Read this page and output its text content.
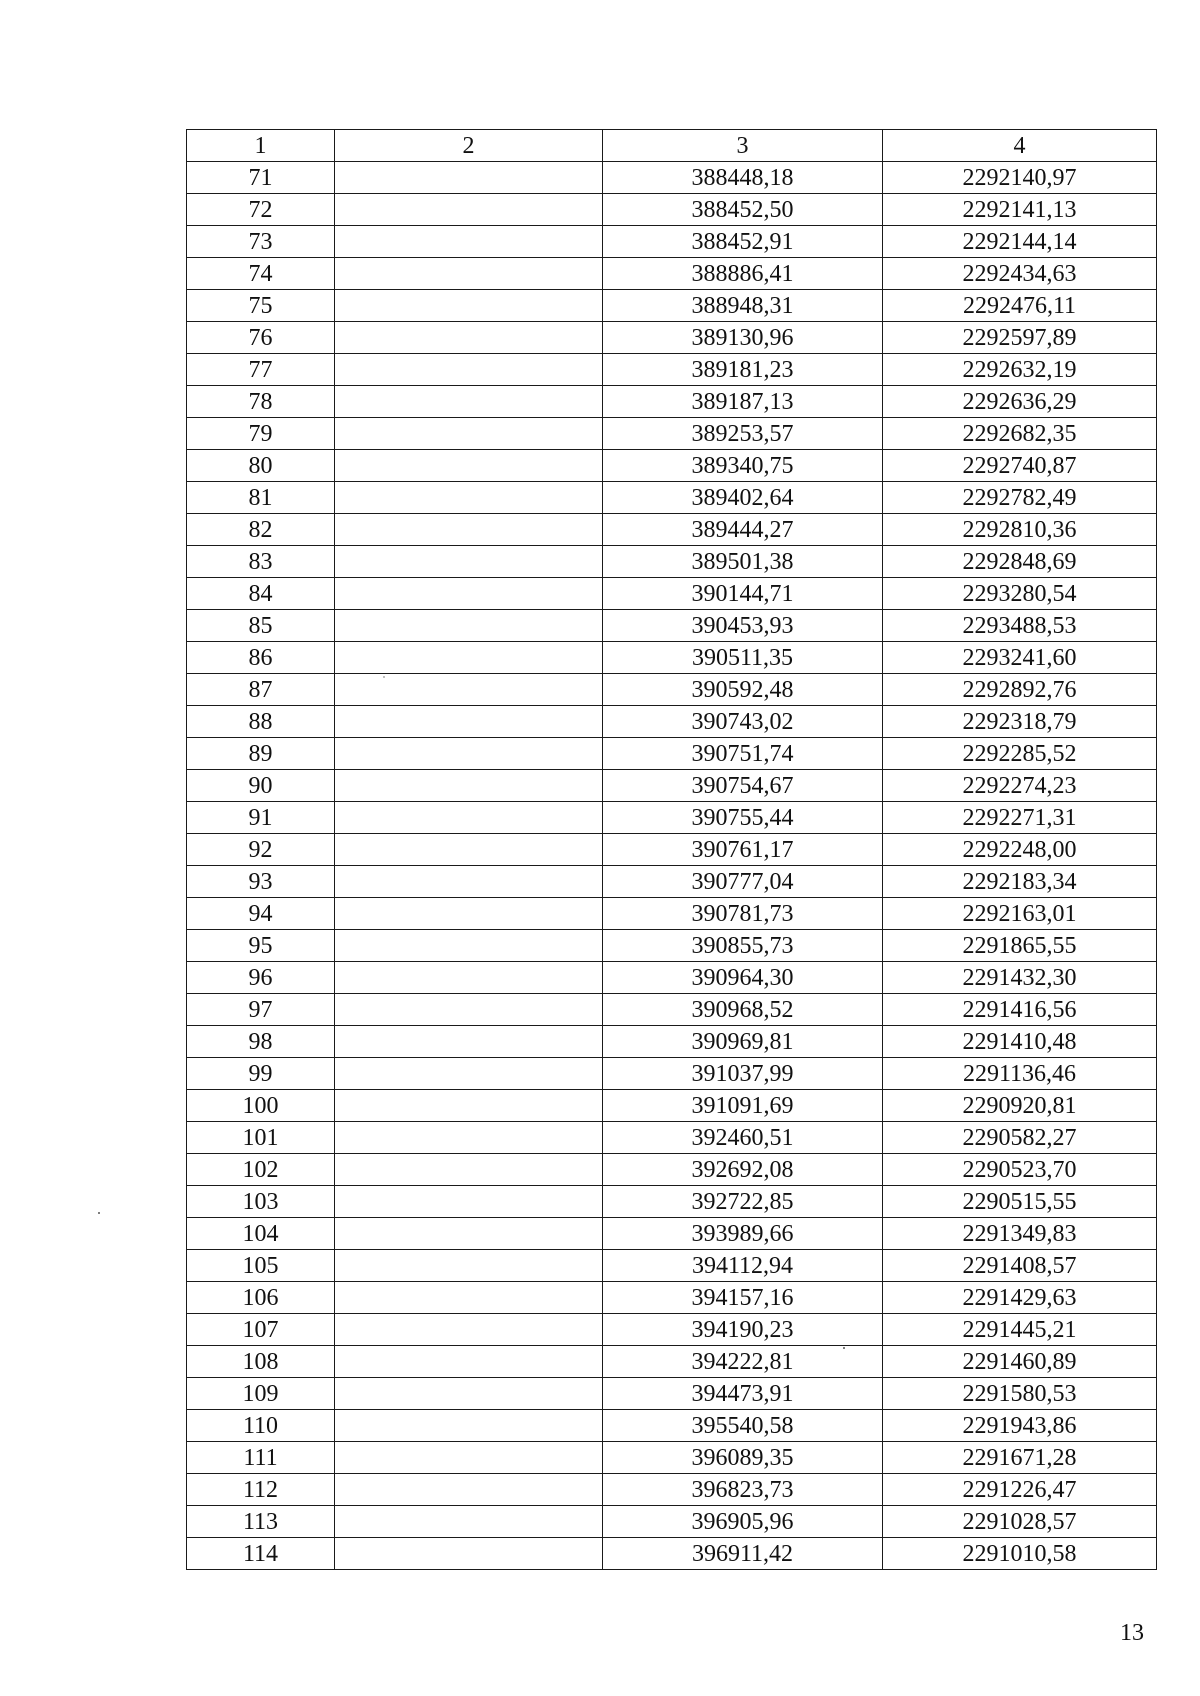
1	2	3	4
71		388448,18	2292140,97
72		388452,50	2292141,13
73		388452,91	2292144,14
74		388886,41	2292434,63
75		388948,31	2292476,11
76		389130,96	2292597,89
77		389181,23	2292632,19
78		389187,13	2292636,29
79		389253,57	2292682,35
80		389340,75	2292740,87
81		389402,64	2292782,49
82		389444,27	2292810,36
83		389501,38	2292848,69
84		390144,71	2293280,54
85		390453,93	2293488,53
86		390511,35	2293241,60
87		390592,48	2292892,76
88		390743,02	2292318,79
89		390751,74	2292285,52
90		390754,67	2292274,23
91		390755,44	2292271,31
92		390761,17	2292248,00
93		390777,04	2292183,34
94		390781,73	2292163,01
95		390855,73	2291865,55
96		390964,30	2291432,30
97		390968,52	2291416,56
98		390969,81	2291410,48
99		391037,99	2291136,46
100		391091,69	2290920,81
101		392460,51	2290582,27
102		392692,08	2290523,70
103		392722,85	2290515,55
104		393989,66	2291349,83
105		394112,94	2291408,57
106		394157,16	2291429,63
107		394190,23	2291445,21
108		394222,81	2291460,89
109		394473,91	2291580,53
110		395540,58	2291943,86
111		396089,35	2291671,28
112		396823,73	2291226,47
113		396905,96	2291028,57
114		396911,42	2291010,58
13
